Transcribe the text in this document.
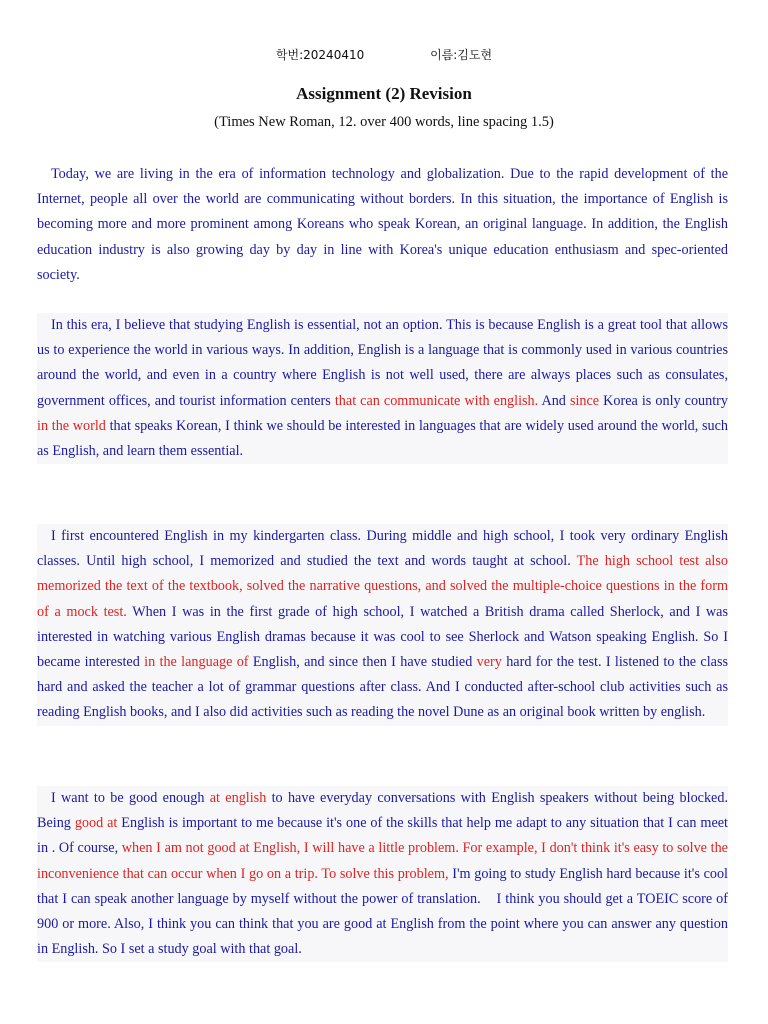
학번:20240410	이름:김도현
Assignment (2) Revision
(Times New Roman, 12. over 400 words, line spacing 1.5)

Today, we are living in the era of information technology and globalization. Due to the rapid development of the Internet, people all over the world are communicating without borders. In this situation, the importance of English is becoming more and more prominent among Koreans who speak Korean, an original language. In addition, the English education industry is also growing day by day in line with Korea's unique education enthusiasm and spec-oriented society.

In this era, I believe that studying English is essential, not an option. This is because English is a great tool that allows us to experience the world in various ways. In addition, English is a language that is commonly used in various countries around the world, and even in a country where English is not well used, there are always places such as consulates, government offices, and tourist information centers that can communicate with english. And since Korea is only country in the world that speaks Korean, I think we should be interested in languages that are widely used around the world, such as English, and learn them essential.

I first encountered English in my kindergarten class. During middle and high school, I took very ordinary English classes. Until high school, I memorized and studied the text and words taught at school. The high school test also memorized the text of the textbook, solved the narrative questions, and solved the multiple-choice questions in the form of a mock test. When I was in the first grade of high school, I watched a British drama called Sherlock, and I was interested in watching various English dramas because it was cool to see Sherlock and Watson speaking English. So I became interested in the language of English, and since then I have studied very hard for the test. I listened to the class hard and asked the teacher a lot of grammar questions after class. And I conducted after-school club activities such as reading English books, and I also did activities such as reading the novel Dune as an original book written by english.

I want to be good enough at english to have everyday conversations with English speakers without being blocked. Being good at English is important to me because it's one of the skills that help me adapt to any situation that I can meet in . Of course, when I am not good at English, I will have a little problem. For example, I don't think it's easy to solve the inconvenience that can occur when I go on a trip. To solve this problem, I'm going to study English hard because it's cool that I can speak another language by myself without the power of translation.    I think you should get a TOEIC score of 900 or more. Also, I think you can think that you are good at English from the point where you can answer any question in English. So I set a study goal with that goal.
